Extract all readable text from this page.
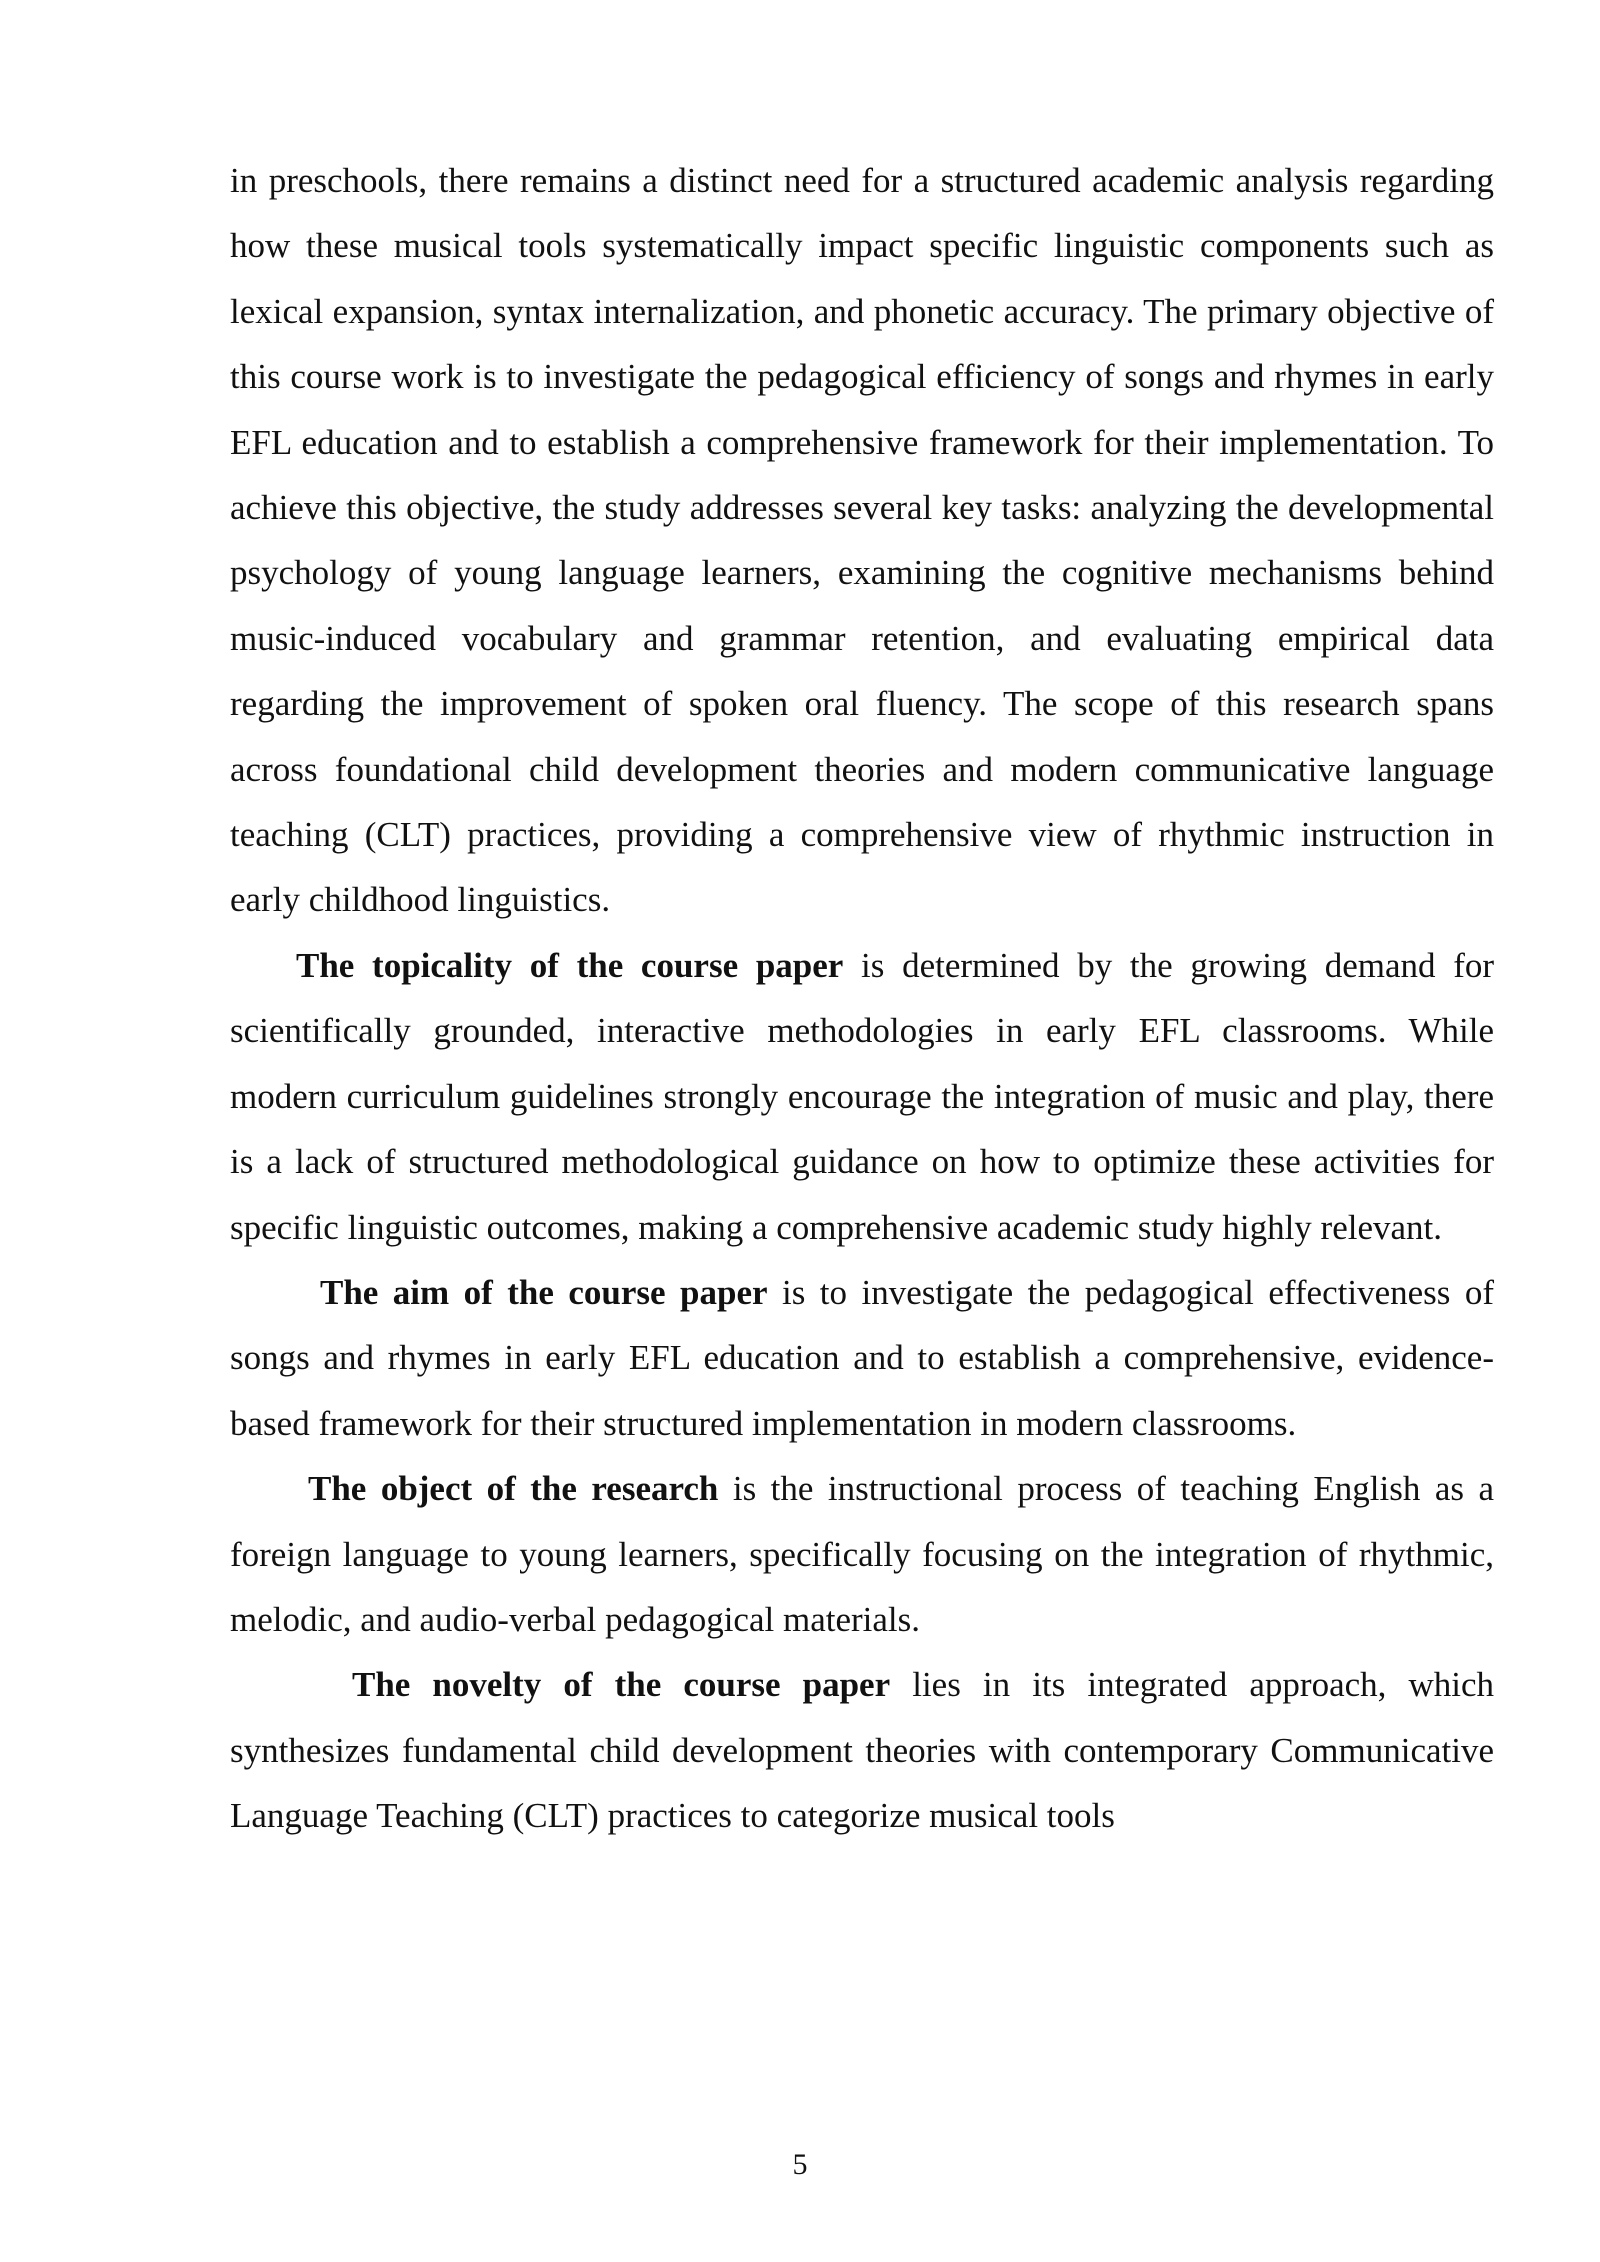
in preschools, there remains a distinct need for a structured academic analysis regarding how these musical tools systematically impact specific linguistic components such as lexical expansion, syntax internalization, and phonetic accuracy. The primary objective of this course work is to investigate the pedagogical efficiency of songs and rhymes in early EFL education and to establish a comprehensive framework for their implementation. To achieve this objective, the study addresses several key tasks: analyzing the developmental psychology of young language learners, examining the cognitive mechanisms behind music-induced vocabulary and grammar retention, and evaluating empirical data regarding the improvement of spoken oral fluency. The scope of this research spans across foundational child development theories and modern communicative language teaching (CLT) practices, providing a comprehensive view of rhythmic instruction in early childhood linguistics.

The topicality of the course paper is determined by the growing demand for scientifically grounded, interactive methodologies in early EFL classrooms. While modern curriculum guidelines strongly encourage the integration of music and play, there is a lack of structured methodological guidance on how to optimize these activities for specific linguistic outcomes, making a comprehensive academic study highly relevant.

The aim of the course paper is to investigate the pedagogical effectiveness of songs and rhymes in early EFL education and to establish a comprehensive, evidence-based framework for their structured implementation in modern classrooms.

The object of the research is the instructional process of teaching English as a foreign language to young learners, specifically focusing on the integration of rhythmic, melodic, and audio-verbal pedagogical materials.

The novelty of the course paper lies in its integrated approach, which synthesizes fundamental child development theories with contemporary Communicative Language Teaching (CLT) practices to categorize musical tools

5
